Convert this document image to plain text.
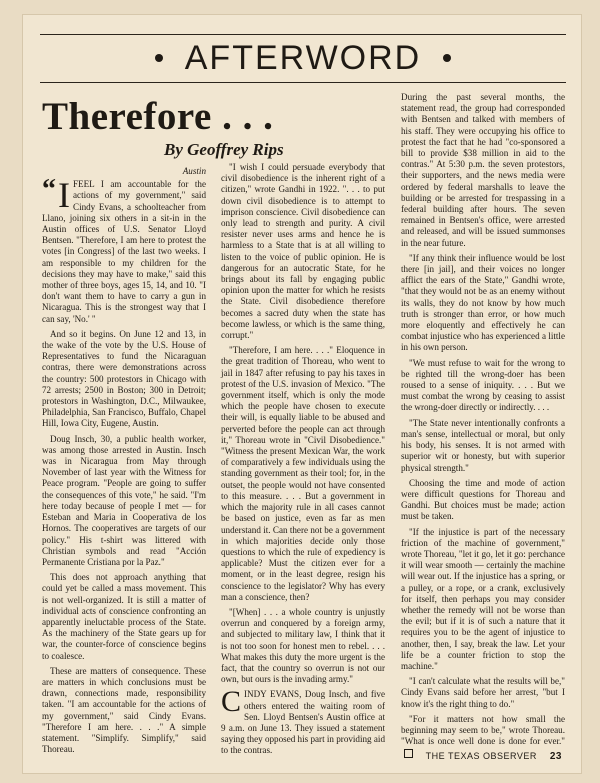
AFTERWORD
Therefore . . .
By Geoffrey Rips
Austin

“ I FEEL I am accountable for the actions of my government," said Cindy Evans, a schoolteacher from Llano, joining six others in a sit-in in the Austin offices of U.S. Senator Lloyd Bentsen. "Therefore, I am here to protest the votes [in Congress] of the last two weeks. I am responsible to my children for the decisions they may have to make," said this mother of three boys, ages 15, 14, and 10. "I don't want them to have to carry a gun in Nicaragua. This is the strongest way that I can say, 'No.' "

And so it begins. On June 12 and 13, in the wake of the vote by the U.S. House of Representatives to fund the Nicaraguan contras, there were demonstrations across the country: 500 protestors in Chicago with 72 arrests; 2500 in Boston; 300 in Detroit; protestors in Washington, D.C., Milwaukee, Philadelphia, San Francisco, Buffalo, Chapel Hill, Iowa City, Eugene, Austin.

Doug Insch, 30, a public health worker, was among those arrested in Austin. Insch was in Nicaragua from May through November of last year with the Witness for Peace program. "People are going to suffer the consequences of this vote," he said. "I'm here today because of people I met — for Esteban and Maria in Cooperativa de los Hornos. The cooperatives are targets of our policy." His t-shirt was littered with Christian symbols and read "Acción Permanente Cristiana por la Paz."

This does not approach anything that could yet be called a mass movement. This is not well-organized. It is still a matter of individual acts of conscience confronting an apparently ineluctable process of the State. As the machinery of the State gears up for war, the counter-force of conscience begins to coalesce.

These are matters of consequence. These are matters in which conclusions must be drawn, connections made, responsibility taken. "I am accountable for the actions of my government," said Cindy Evans. "Therefore I am here. . . ." A simple statement. "Simplify. Simplify," said Thoreau.

"I wish I could persuade everybody that civil disobedience is the inherent right of a citizen," wrote Gandhi in 1922. ". . . to put down civil disobedience is to attempt to imprison conscience. Civil disobedience can only lead to strength and purity. A civil resister never uses arms and hence he is harmless to a State that is at all willing to listen to the voice of public opinion. He is dangerous for an autocratic State, for he brings about its fall by engaging public opinion upon the matter for which he resists the State. Civil disobedience therefore becomes a sacred duty when the state has become lawless, or which is the same thing, corrupt."

"Therefore, I am here. . . ." Eloquence in the great tradition of Thoreau, who went to jail in 1847 after refusing to pay his taxes in protest of the U.S. invasion of Mexico. "The government itself, which is only the mode which the people have chosen to execute their will, is equally liable to be abused and perverted before the people can act through it," Thoreau wrote in "Civil Disobedience." "Witness the present Mexican War, the work of comparatively a few individuals using the standing government as their tool; for, in the outset, the people would not have consented to this measure. . . . But a government in which the majority rule in all cases cannot be based on justice, even as far as men understand it. Can there not be a government in which majorities decide only those questions to which the rule of expediency is applicable? Must the citizen ever for a moment, or in the least degree, resign his conscience to the legislator? Why has every man a conscience, then?

"[When] . . . a whole country is unjustly overrun and conquered by a foreign army, and subjected to military law, I think that it is not too soon for honest men to rebel. . . . What makes this duty the more urgent is the fact, that the country so overrun is not our own, but ours is the invading army."

CINDY EVANS, Doug Insch, and five others entered the waiting room of Sen. Lloyd Bentsen's Austin office at 9 a.m. on June 13. They issued a statement saying they opposed his part in providing aid to the contras.

During the past several months, the statement read, the group had corresponded with Bentsen and talked with members of his staff. They were occupying his office to protest the fact that he had "co-sponsored a bill to provide $38 million in aid to the contras." At 5:30 p.m. the seven protestors, their supporters, and the news media were ordered by federal marshalls to leave the building or be arrested for trespassing in a federal building after hours. The seven remained in Bentsen's office, were arrested and released, and will be issued summonses in the near future.

"If any think their influence would be lost there [in jail], and their voices no longer afflict the ears of the State," Gandhi wrote, "that they would not be as an enemy without its walls, they do not know by how much truth is stronger than error, or how much more eloquently and effectively he can combat injustice who has experienced a little in his own person.

"We must refuse to wait for the wrong to be righted till the wrong-doer has been roused to a sense of iniquity. . . . But we must combat the wrong by ceasing to assist the wrong-doer directly or indirectly. . . .

"The State never intentionally confronts a man's sense, intellectual or moral, but only his body, his senses. It is not armed with superior wit or honesty, but with superior physical strength."

Choosing the time and mode of action were difficult questions for Thoreau and Gandhi. But choices must be made; action must be taken.

"If the injustice is part of the necessary friction of the machine of government," wrote Thoreau, "let it go, let it go: perchance it will wear smooth — certainly the machine will wear out. If the injustice has a spring, or a pulley, or a rope, or a crank, exclusively for itself, then perhaps you may consider whether the remedy will not be worse than the evil; but if it is of such a nature that it requires you to be the agent of injustice to another, then, I say, break the law. Let your life be a counter friction to stop the machine."

"I can't calculate what the results will be," Cindy Evans said before her arrest, "but I know it's the right thing to do."

"For it matters not how small the beginning may seem to be," wrote Thoreau. "What is once well done is done for ever."

THE TEXAS OBSERVER 23
